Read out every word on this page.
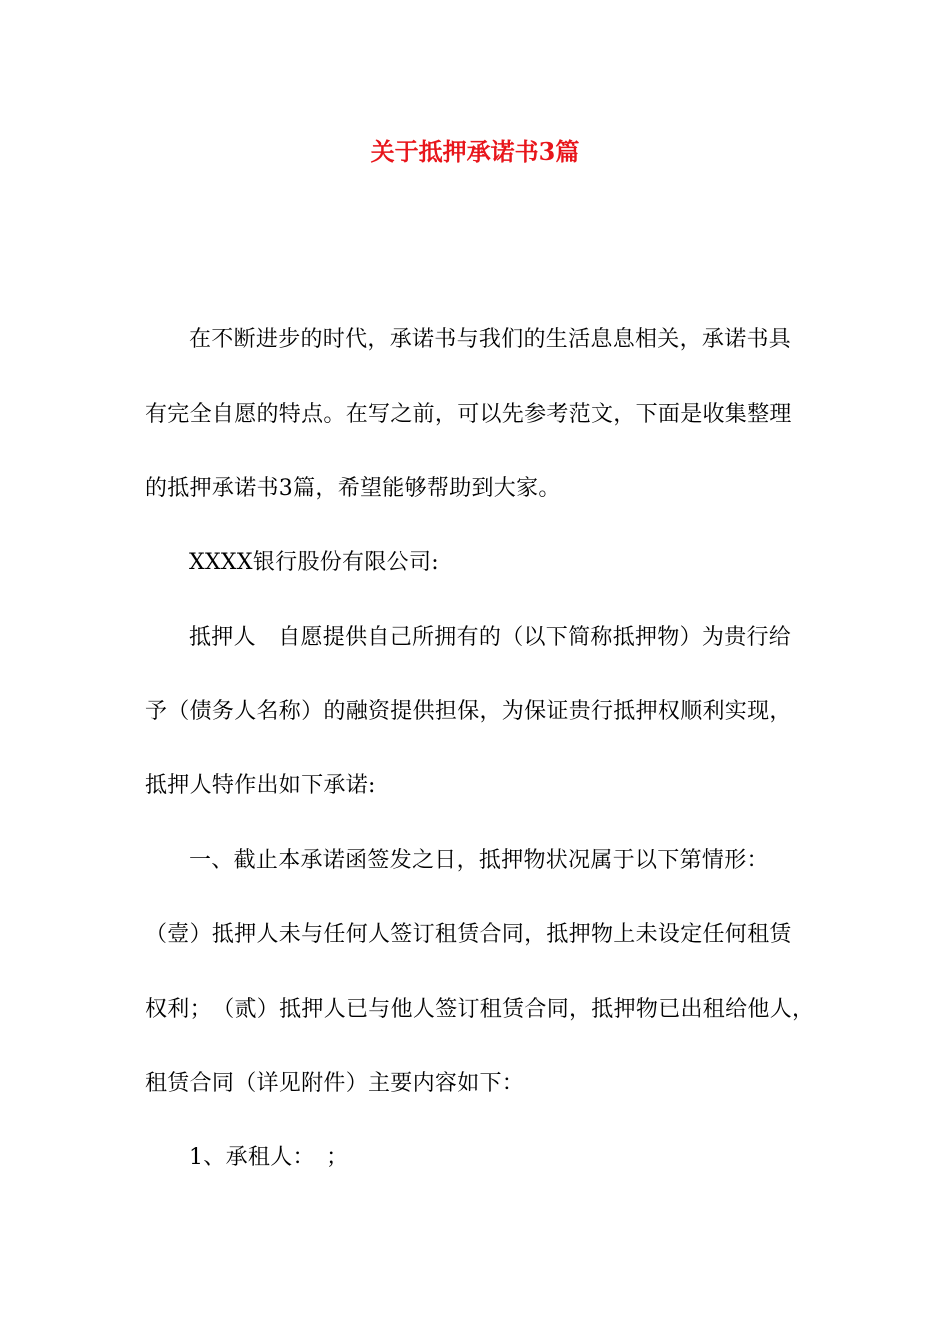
关于抵押承诺书3篇
在不断进步的时代，承诺书与我们的生活息息相关，承诺书具
有完全自愿的特点。在写之前，可以先参考范文，下面是收集整理
的抵押承诺书3篇，希望能够帮助到大家。
XXXX银行股份有限公司:
抵押人　自愿提供自己所拥有的（以下简称抵押物）为贵行给
予（债务人名称）的融资提供担保，为保证贵行抵押权顺利实现，
抵押人特作出如下承诺:
一、截止本承诺函签发之日，抵押物状况属于以下第情形：
（壹）抵押人未与任何人签订租赁合同，抵押物上未设定任何租赁
权利；　（贰）抵押人已与他人签订租赁合同，抵押物已出租给他人，
租赁合同（详见附件）主要内容如下：
1、承租人：　；
